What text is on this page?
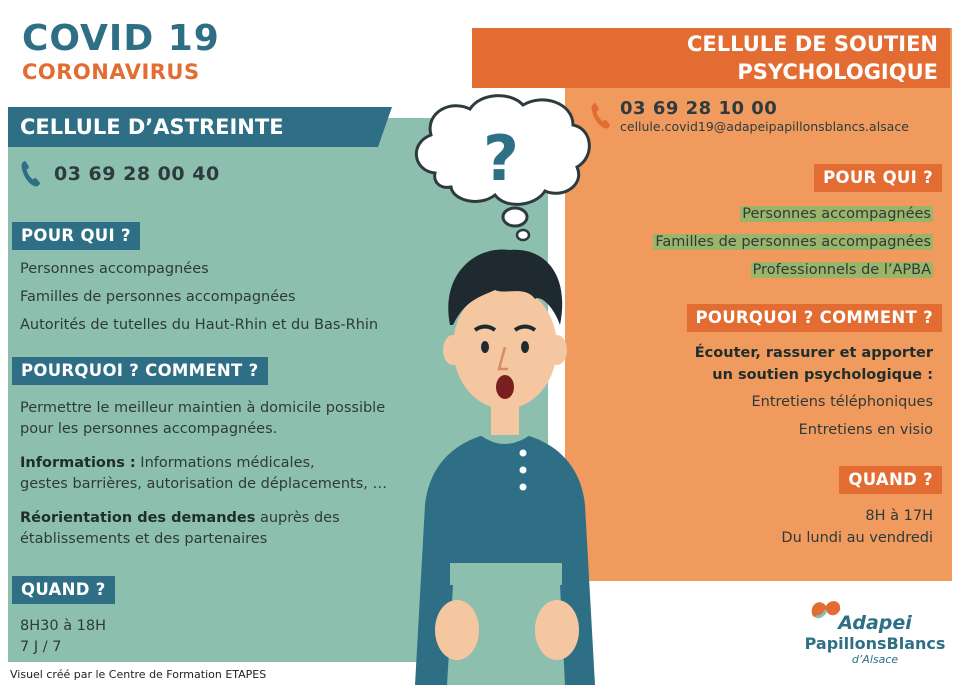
COVID 19
CORONAVIRUS
CELLULE DE SOUTIEN
PSYCHOLOGIQUE
CELLULE D’ASTREINTE
03 69 28 00 40
POUR QUI ?
Personnes accompagnées
Familles de personnes accompagnées
Autorités de tutelles du Haut-Rhin et du Bas-Rhin
POURQUOI ? COMMENT ?
Permettre le meilleur maintien à domicile possible
pour les personnes accompagnées.
Informations : Informations médicales,
gestes barrières, autorisation de déplacements, …
Réorientation des demandes auprès des
établissements et des partenaires
QUAND ?
8H30 à 18H
7 J / 7
03 69 28 10 00
cellule.covid19@adapeipapillonsblancs.alsace
POUR QUI ?
Personnes accompagnées
Familles de personnes accompagnées
Professionnels de l’APBA
POURQUOI ? COMMENT ?
Écouter, rassurer et apporter
un soutien psychologique :
Entretiens téléphoniques
Entretiens en visio
QUAND ?
8H à 17H
Du lundi au vendredi
?
Adapei
PapillonsBlancs
d’Alsace
Visuel créé par le Centre de Formation ETAPES
